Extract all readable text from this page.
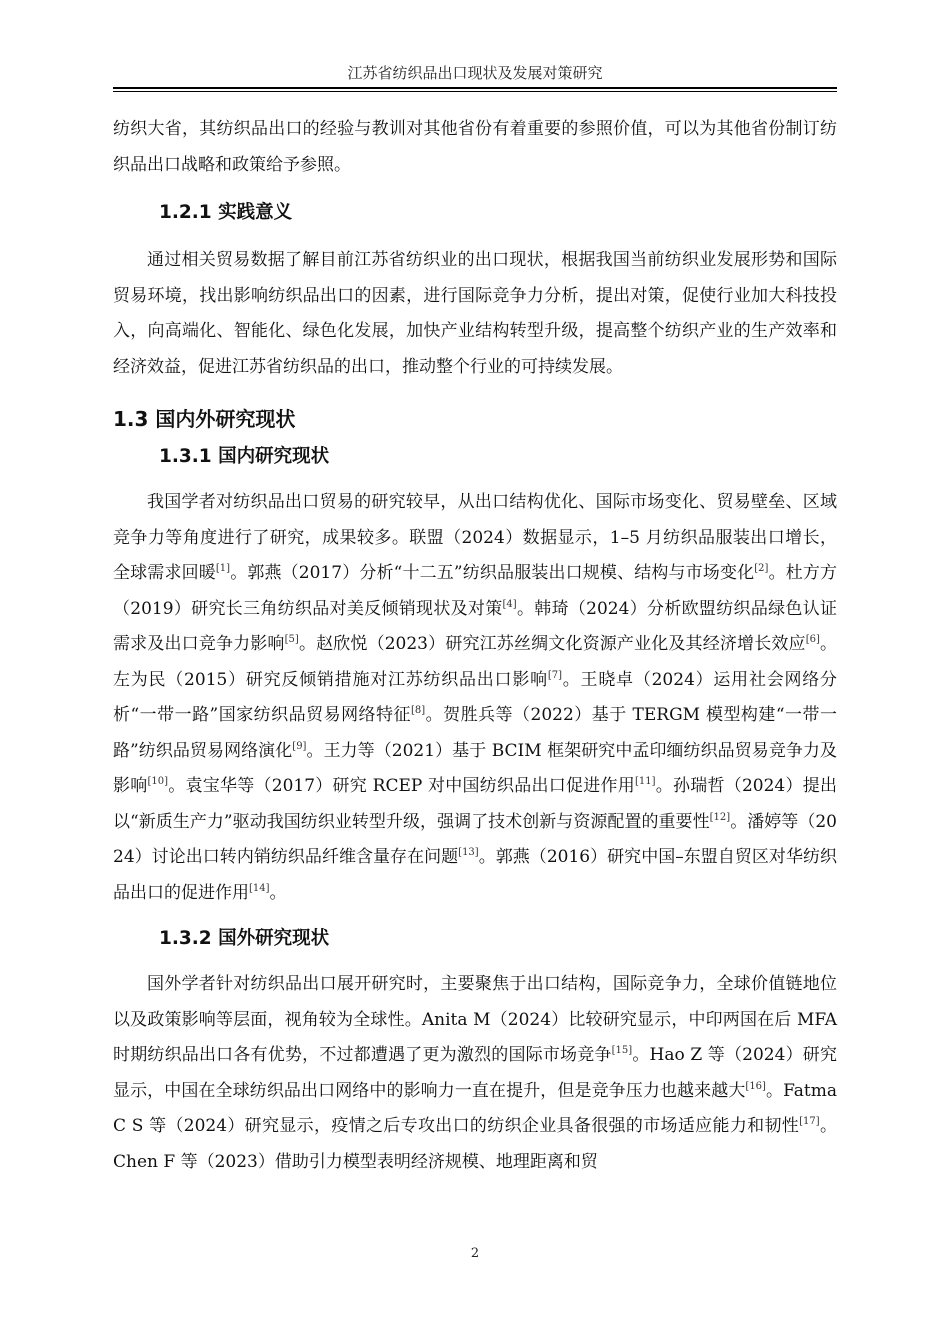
江苏省纺织品出口现状及发展对策研究

纺织大省，其纺织品出口的经验与教训对其他省份有着重要的参照价值，可以为其他省份制订纺织品出口战略和政策给予参照。

1.2.1 实践意义

通过相关贸易数据了解目前江苏省纺织业的出口现状，根据我国当前纺织业发展形势和国际贸易环境，找出影响纺织品出口的因素，进行国际竞争力分析，提出对策，促使行业加大科技投入，向高端化、智能化、绿色化发展，加快产业结构转型升级，提高整个纺织产业的生产效率和经济效益，促进江苏省纺织品的出口，推动整个行业的可持续发展。

1.3 国内外研究现状
1.3.1 国内研究现状

我国学者对纺织品出口贸易的研究较早，从出口结构优化、国际市场变化、贸易壁垒、区域竞争力等角度进行了研究，成果较多。联盟（2024）数据显示，1–5 月纺织品服装出口增长，全球需求回暖[1]。郭燕（2017）分析“十二五”纺织品服装出口规模、结构与市场变化[2]。杜方方（2019）研究长三角纺织品对美反倾销现状及对策[4]。韩琦（2024）分析欧盟纺织品绿色认证需求及出口竞争力影响[5]。赵欣悦（2023）研究江苏丝绸文化资源产业化及其经济增长效应[6]。左为民（2015）研究反倾销措施对江苏纺织品出口影响[7]。王晓卓（2024）运用社会网络分析“一带一路”国家纺织品贸易网络特征[8]。贺胜兵等（2022）基于 TERGM 模型构建“一带一路”纺织品贸易网络演化[9]。王力等（2021）基于 BCIM 框架研究中孟印缅纺织品贸易竞争力及影响[10]。袁宝华等（2017）研究 RCEP 对中国纺织品出口促进作用[11]。孙瑞哲（2024）提出以“新质生产力”驱动我国纺织业转型升级，强调了技术创新与资源配置的重要性[12]。潘婷等（2024）讨论出口转内销纺织品纤维含量存在问题[13]。郭燕（2016）研究中国–东盟自贸区对华纺织品出口的促进作用[14]。

1.3.2 国外研究现状

国外学者针对纺织品出口展开研究时，主要聚焦于出口结构，国际竞争力，全球价值链地位以及政策影响等层面，视角较为全球性。Anita M（2024）比较研究显示，中印两国在后 MFA 时期纺织品出口各有优势，不过都遭遇了更为激烈的国际市场竞争[15]。Hao Z 等（2024）研究显示，中国在全球纺织品出口网络中的影响力一直在提升，但是竞争压力也越来越大[16]。Fatma C S 等（2024）研究显示，疫情之后专攻出口的纺织企业具备很强的市场适应能力和韧性[17]。Chen F 等（2023）借助引力模型表明经济规模、地理距离和贸

2
